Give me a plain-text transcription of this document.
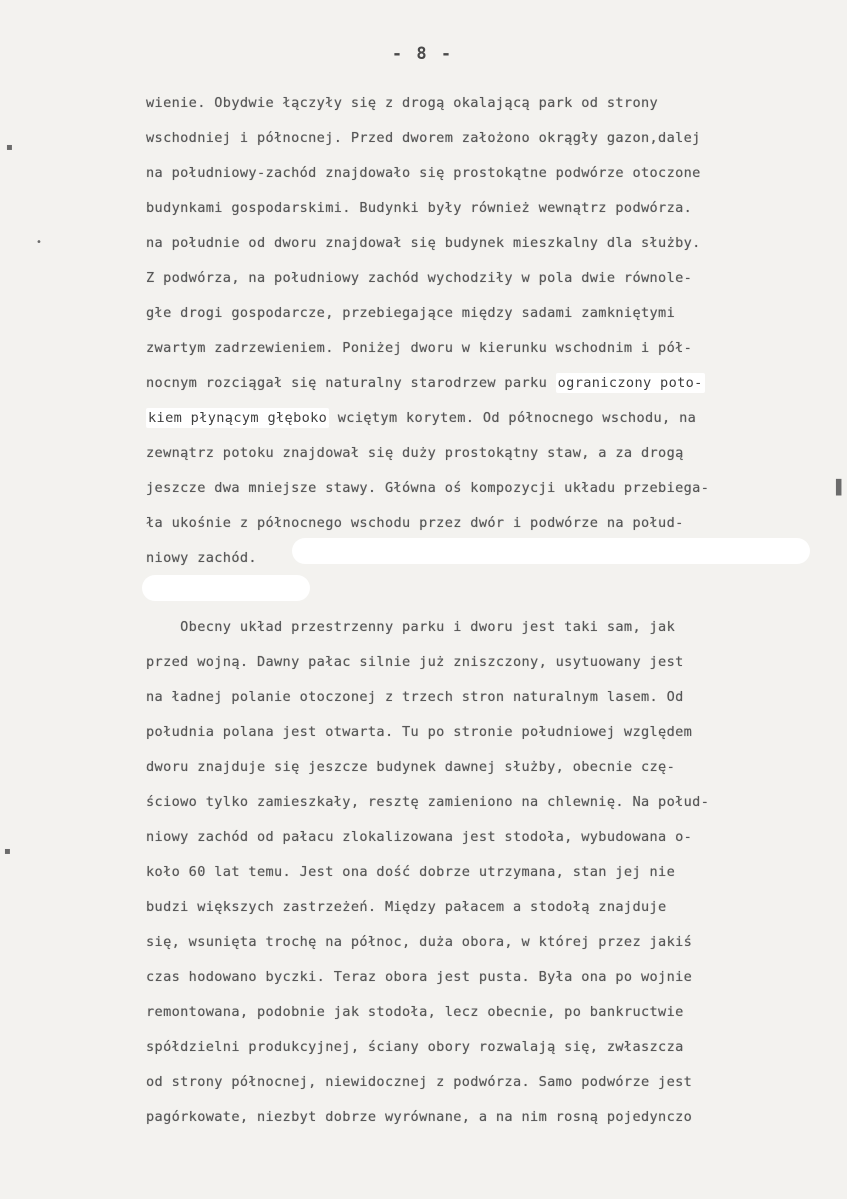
▪
•
▪
▌
- 8 -
wienie. Obydwie łączyły się z drogą okalającą park od strony
wschodniej i północnej. Przed dworem założono okrągły gazon,dalej
na południowy-zachód znajdowało się prostokątne podwórze otoczone
budynkami gospodarskimi. Budynki były również wewnątrz podwórza.
na południe od dworu znajdował się budynek mieszkalny dla służby.
Z podwórza, na południowy zachód wychodziły w pola dwie równole-
głe drogi gospodarcze, przebiegające między sadami zamkniętymi
zwartym zadrzewieniem. Poniżej dworu w kierunku wschodnim i pół-
nocnym rozciągał się naturalny starodrzew parku ograniczony poto-
kiem płynącym głęboko wciętym korytem. Od północnego wschodu, na
zewnątrz potoku znajdował się duży prostokątny staw, a za drogą
jeszcze dwa mniejsze stawy. Główna oś kompozycji układu przebiega-
ła ukośnie z północnego wschodu przez dwór i podwórze na połud-
niowy zachód.
Obecny układ przestrzenny parku i dworu jest taki sam, jak
przed wojną. Dawny pałac silnie już zniszczony, usytuowany jest
na ładnej polanie otoczonej z trzech stron naturalnym lasem. Od
południa polana jest otwarta. Tu po stronie południowej względem
dworu znajduje się jeszcze budynek dawnej służby, obecnie czę-
ściowo tylko zamieszkały, resztę zamieniono na chlewnię. Na połud-
niowy zachód od pałacu zlokalizowana jest stodoła, wybudowana o-
koło 60 lat temu. Jest ona dość dobrze utrzymana, stan jej nie
budzi większych zastrzeżeń. Między pałacem a stodołą znajduje
się, wsunięta trochę na północ, duża obora, w której przez jakiś
czas hodowano byczki. Teraz obora jest pusta. Była ona po wojnie
remontowana, podobnie jak stodoła, lecz obecnie, po bankructwie
spółdzielni produkcyjnej, ściany obory rozwalają się, zwłaszcza
od strony północnej, niewidocznej z podwórza. Samo podwórze jest
pagórkowate, niezbyt dobrze wyrównane, a na nim rosną pojedynczo
